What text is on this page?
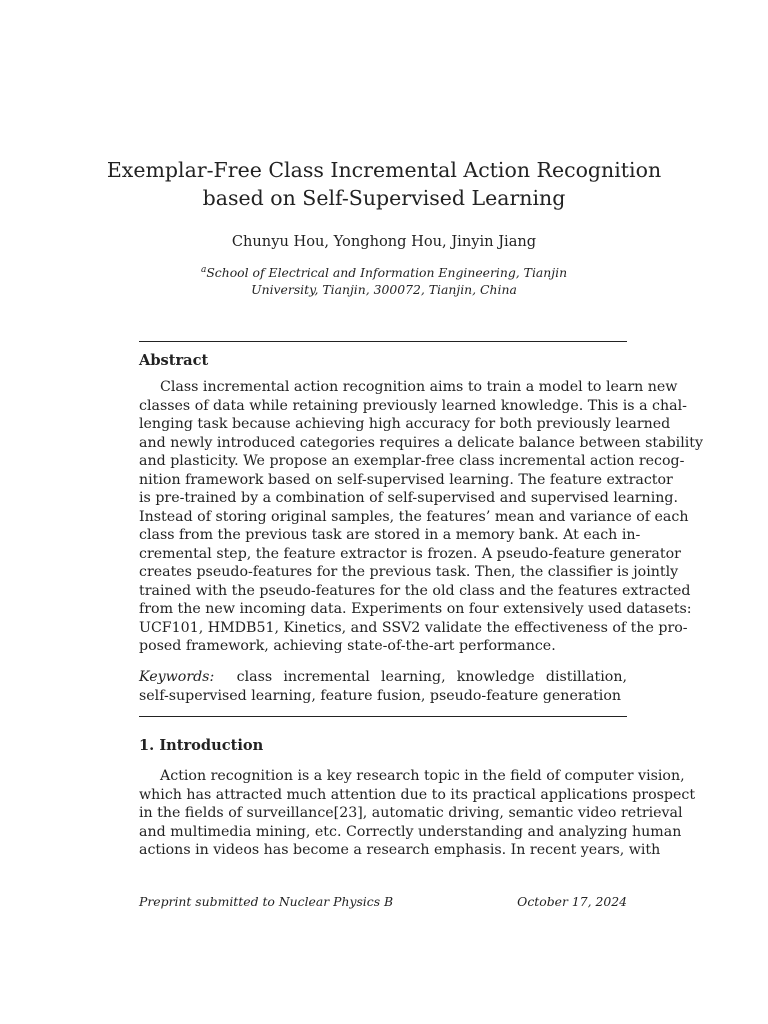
Exemplar-Free Class Incremental Action Recognition
based on Self-Supervised Learning
Chunyu Hou, Yonghong Hou, Jinyin Jiang
$^a$School of Electrical and Information Engineering, Tianjin
University, Tianjin, 300072, Tianjin, China
Abstract
Class incremental action recognition aims to train a model to learn new
classes of data while retaining previously learned knowledge. This is a chal-
lenging task because achieving high accuracy for both previously learned
and newly introduced categories requires a delicate balance between stability
and plasticity. We propose an exemplar-free class incremental action recog-
nition framework based on self-supervised learning. The feature extractor
is pre-trained by a combination of self-supervised and supervised learning.
Instead of storing original samples, the features’ mean and variance of each
class from the previous task are stored in a memory bank. At each in-
cremental step, the feature extractor is frozen. A pseudo-feature generator
creates pseudo-features for the previous task. Then, the classifier is jointly
trained with the pseudo-features for the old class and the features extracted
from the new incoming data. Experiments on four extensively used datasets:
UCF101, HMDB51, Kinetics, and SSV2 validate the effectiveness of the pro-
posed framework, achieving state-of-the-art performance.
Keywords: class incremental learning, knowledge distillation,
self-supervised learning, feature fusion, pseudo-feature generation
1. Introduction
Action recognition is a key research topic in the field of computer vision,
which has attracted much attention due to its practical applications prospect
in the fields of surveillance[23], automatic driving, semantic video retrieval
and multimedia mining, etc. Correctly understanding and analyzing human
actions in videos has become a research emphasis. In recent years, with
Preprint submitted to Nuclear Physics B	October 17, 2024
